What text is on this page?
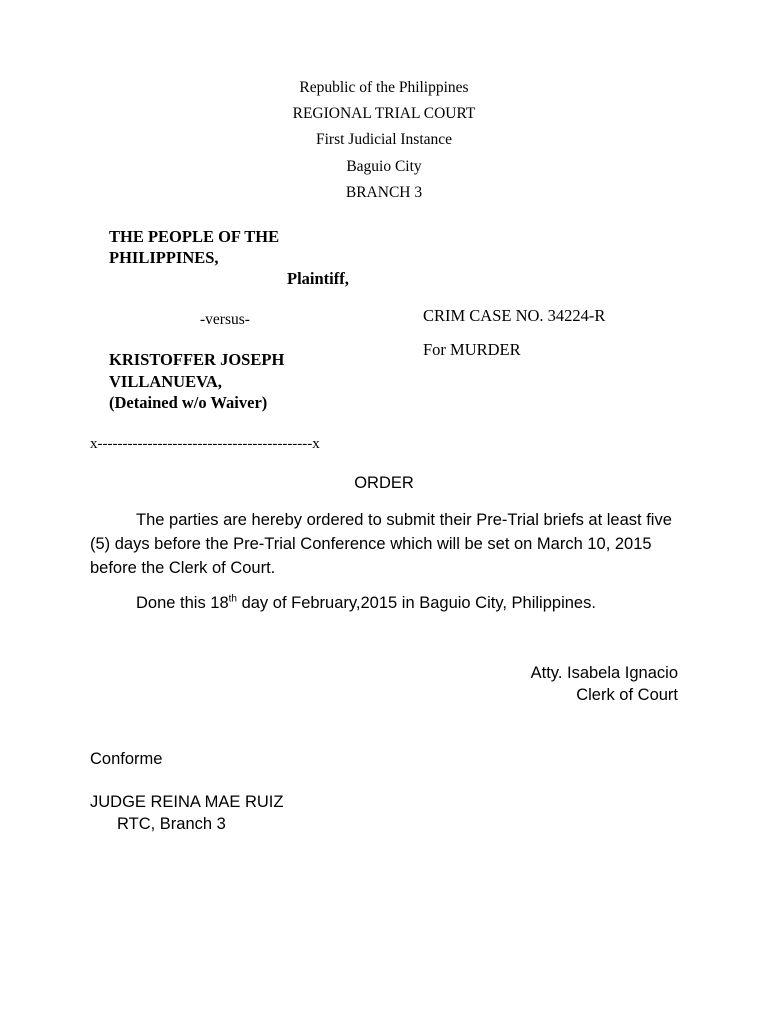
Republic of the Philippines
REGIONAL TRIAL COURT
First Judicial Instance
Baguio City
BRANCH 3
THE PEOPLE OF THE
PHILIPPINES,
Plaintiff,
-versus-	CRIM CASE NO. 34224-R
For MURDER
KRISTOFFER JOSEPH
VILLANUEVA,
(Detained w/o Waiver)
x-------------------------------------------x
ORDER
The parties are hereby ordered to submit their Pre-Trial briefs at least five (5) days before the Pre-Trial Conference which will be set on March 10, 2015 before the Clerk of Court.
Done this 18th day of February,2015 in Baguio City, Philippines.
Atty. Isabela Ignacio
Clerk of Court
Conforme
JUDGE REINA MAE RUIZ
RTC, Branch 3
